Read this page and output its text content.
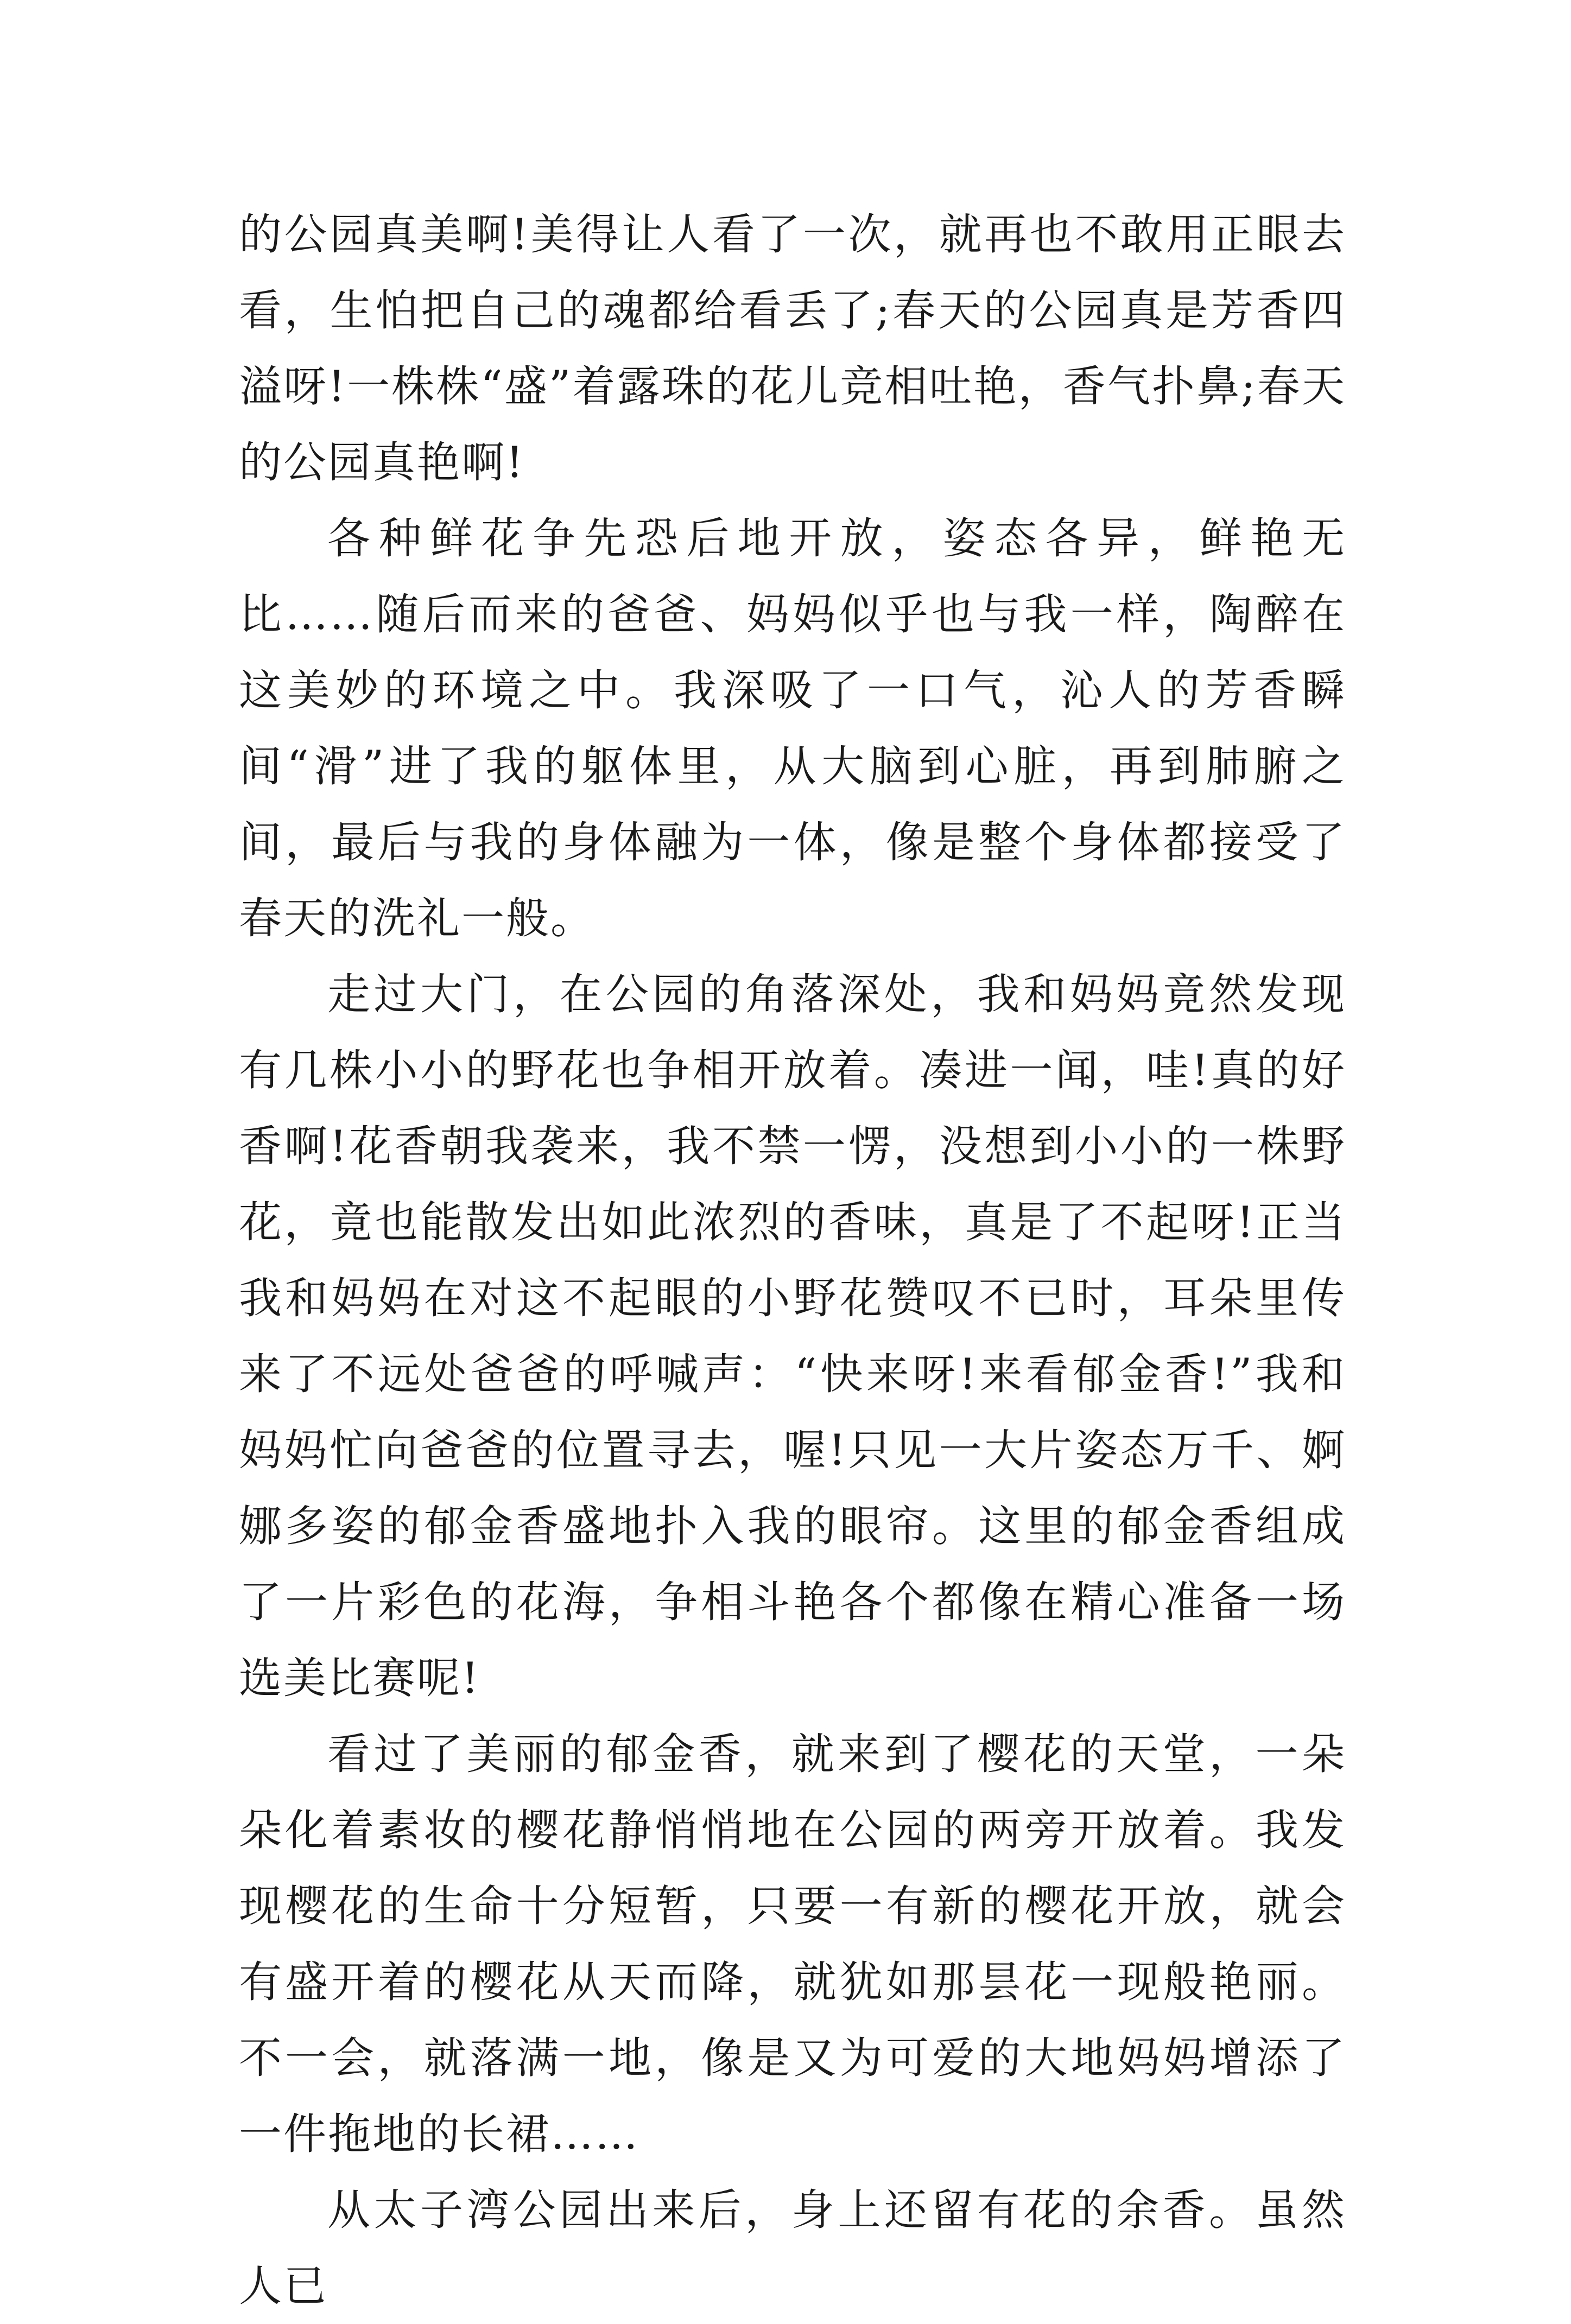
的公园真美啊!美得让人看了一次，就再也不敢用正眼去看，生怕把自己的魂都给看丢了;春天的公园真是芳香四溢呀!一株株“盛”着露珠的花儿竞相吐艳，香气扑鼻;春天的公园真艳啊!

各种鲜花争先恐后地开放，姿态各异，鲜艳无比……随后而来的爸爸、妈妈似乎也与我一样，陶醉在这美妙的环境之中。我深吸了一口气，沁人的芳香瞬间“滑”进了我的躯体里，从大脑到心脏，再到肺腑之间，最后与我的身体融为一体，像是整个身体都接受了春天的洗礼一般。

走过大门，在公园的角落深处，我和妈妈竟然发现有几株小小的野花也争相开放着。凑进一闻，哇!真的好香啊!花香朝我袭来，我不禁一愣，没想到小小的一株野花，竟也能散发出如此浓烈的香味，真是了不起呀!正当我和妈妈在对这不起眼的小野花赞叹不已时，耳朵里传来了不远处爸爸的呼喊声：“快来呀!来看郁金香!”我和妈妈忙向爸爸的位置寻去，喔!只见一大片姿态万千、婀娜多姿的郁金香盛地扑入我的眼帘。这里的郁金香组成了一片彩色的花海，争相斗艳各个都像在精心准备一场选美比赛呢!

看过了美丽的郁金香，就来到了樱花的天堂，一朵朵化着素妆的樱花静悄悄地在公园的两旁开放着。我发现樱花的生命十分短暂，只要一有新的樱花开放，就会有盛开着的樱花从天而降，就犹如那昙花一现般艳丽。不一会，就落满一地，像是又为可爱的大地妈妈增添了一件拖地的长裙……

从太子湾公园出来后，身上还留有花的余香。虽然人已
